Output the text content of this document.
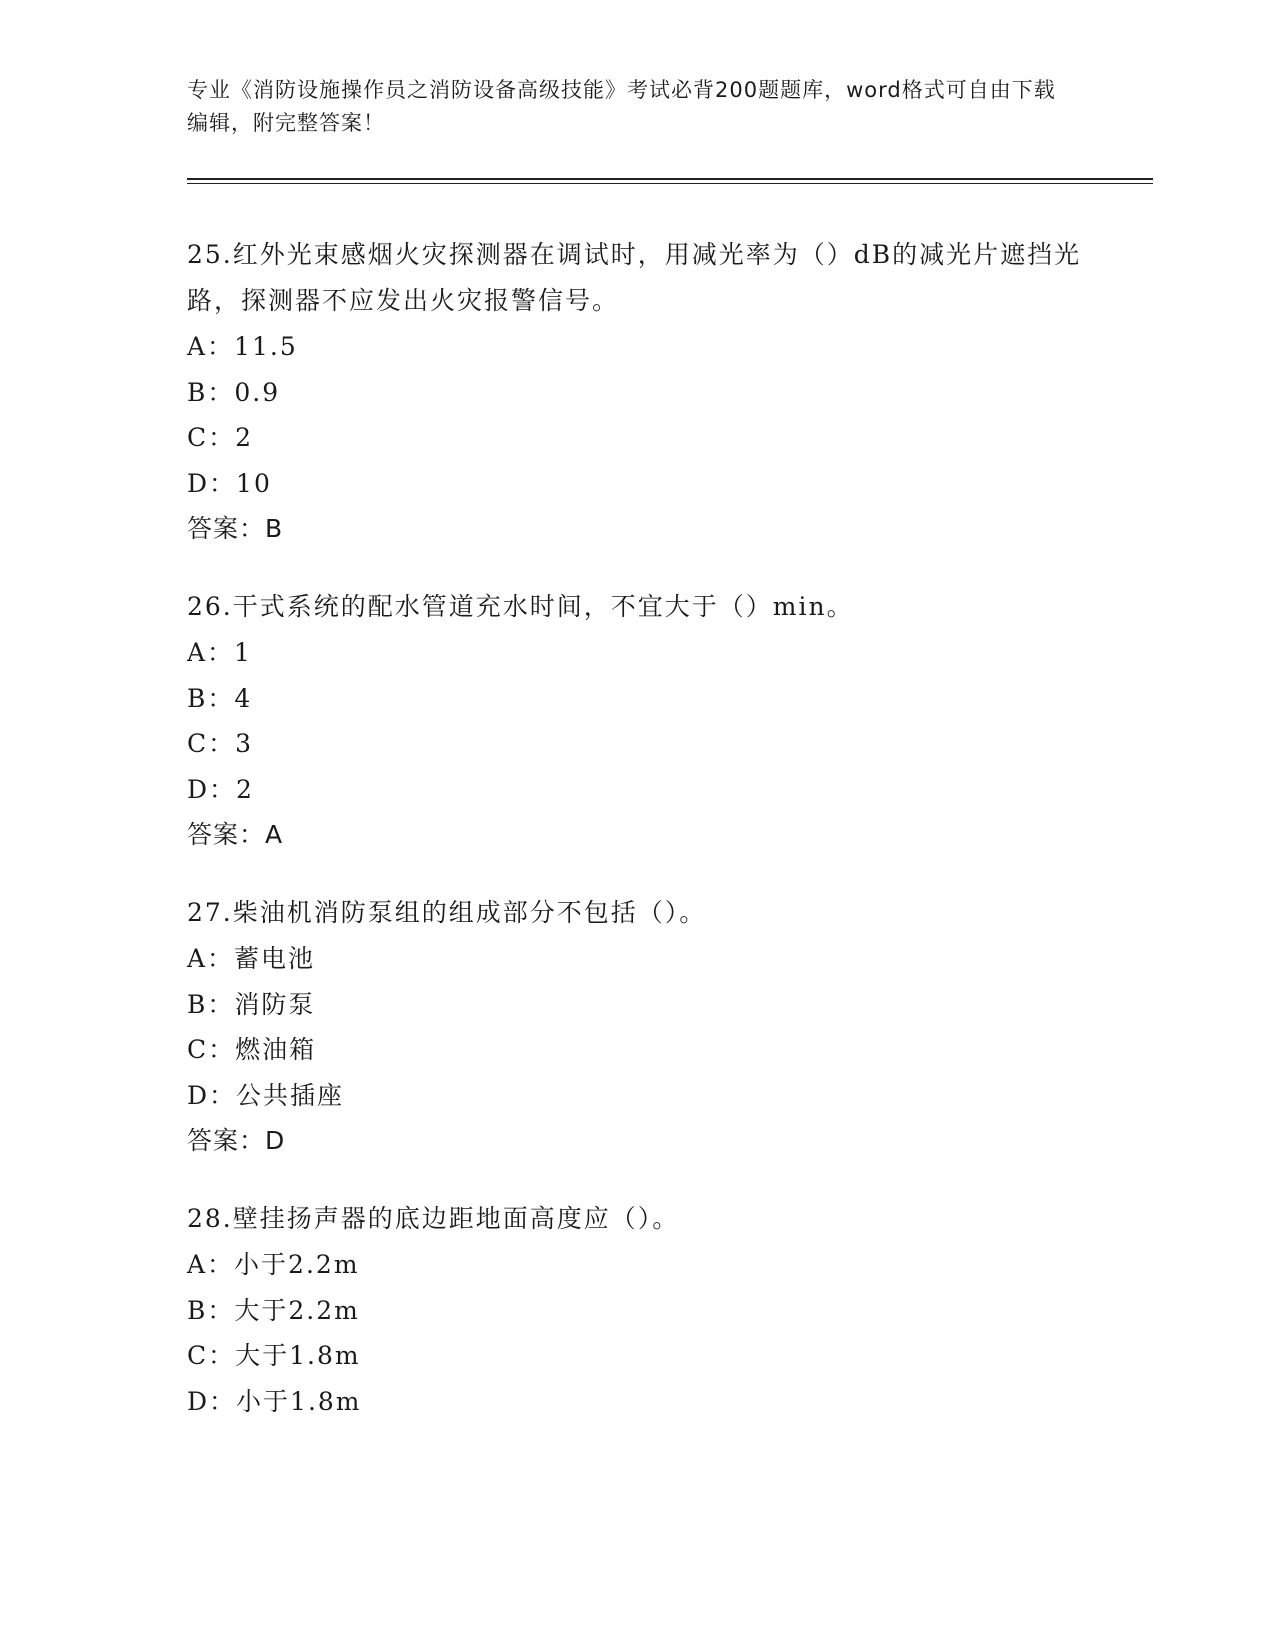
专业《消防设施操作员之消防设备高级技能》考试必背200题题库，word格式可自由下载编辑，附完整答案！

25.红外光束感烟火灾探测器在调试时，用减光率为（）dB的减光片遮挡光路，探测器不应发出火灾报警信号。

A：11.5
B：0.9
C：2
D：10
答案：B

26.干式系统的配水管道充水时间，不宜大于（）min。

A：1
B：4
C：3
D：2
答案：A

27.柴油机消防泵组的组成部分不包括（）。

A：蓄电池
B：消防泵
C：燃油箱
D：公共插座
答案：D

28.壁挂扬声器的底边距地面高度应（）。

A：小于2.2m
B：大于2.2m
C：大于1.8m
D：小于1.8m
